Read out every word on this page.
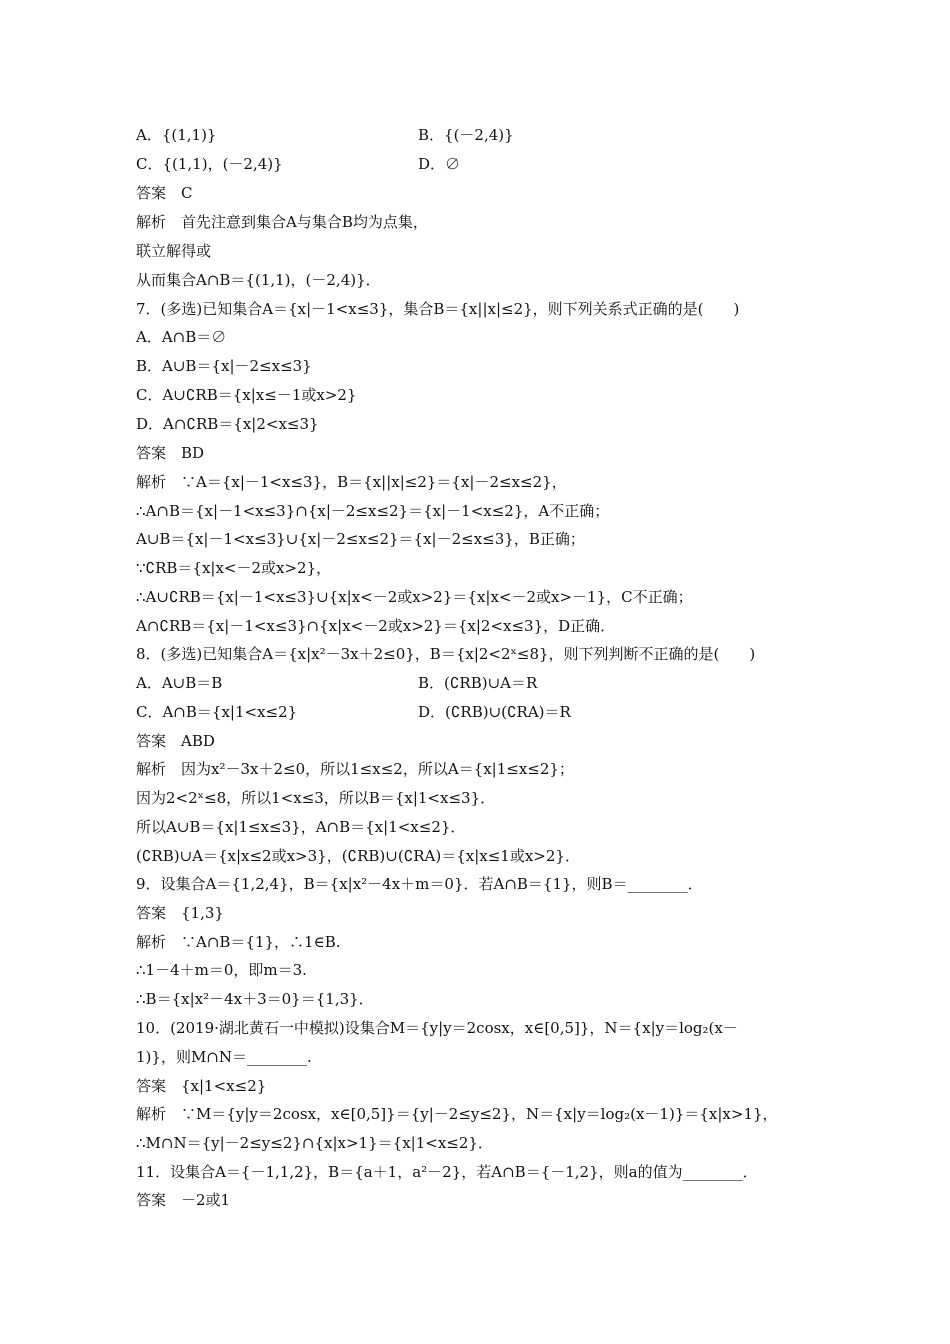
A．{(1,1)}	B．{(－2,4)}
C．{(1,1)，(－2,4)}	D．∅
答案　C
解析　首先注意到集合A与集合B均为点集，
联立解得或
从而集合A∩B＝{(1,1)，(－2,4)}．
7．(多选)已知集合A＝{x|－1<x≤3}，集合B＝{x||x|≤2}，则下列关系式正确的是(　　)
A．A∩B＝∅
B．A∪B＝{x|－2≤x≤3}
C．A∪∁RB＝{x|x≤－1或x>2}
D．A∩∁RB＝{x|2<x≤3}
答案　BD
解析　∵A＝{x|－1<x≤3}，B＝{x||x|≤2}＝{x|－2≤x≤2}，
∴A∩B＝{x|－1<x≤3}∩{x|－2≤x≤2}＝{x|－1<x≤2}，A不正确；
A∪B＝{x|－1<x≤3}∪{x|－2≤x≤2}＝{x|－2≤x≤3}，B正确；
∵∁RB＝{x|x<－2或x>2}，
∴A∪∁RB＝{x|－1<x≤3}∪{x|x<－2或x>2}＝{x|x<－2或x>－1}，C不正确；
A∩∁RB＝{x|－1<x≤3}∩{x|x<－2或x>2}＝{x|2<x≤3}，D正确．
8．(多选)已知集合A＝{x|x²－3x＋2≤0}，B＝{x|2<2ˣ≤8}，则下列判断不正确的是(　　)
A．A∪B＝B	B．(∁RB)∪A＝R
C．A∩B＝{x|1<x≤2}	D．(∁RB)∪(∁RA)＝R
答案　ABD
解析　因为x²－3x＋2≤0，所以1≤x≤2，所以A＝{x|1≤x≤2}；
因为2<2ˣ≤8，所以1<x≤3，所以B＝{x|1<x≤3}．
所以A∪B＝{x|1≤x≤3}，A∩B＝{x|1<x≤2}．
(∁RB)∪A＝{x|x≤2或x>3}，(∁RB)∪(∁RA)＝{x|x≤1或x>2}．
9．设集合A＝{1,2,4}，B＝{x|x²－4x＋m＝0}．若A∩B＝{1}，则B＝________．
答案　{1,3}
解析　∵A∩B＝{1}，∴1∈B.
∴1－4＋m＝0，即m＝3.
∴B＝{x|x²－4x＋3＝0}＝{1,3}．
10．(2019·湖北黄石一中模拟)设集合M＝{y|y＝2cosx，x∈[0,5]}，N＝{x|y＝log₂(x－
1)}，则M∩N＝________.
答案　{x|1<x≤2}
解析　∵M＝{y|y＝2cosx，x∈[0,5]}＝{y|－2≤y≤2}，N＝{x|y＝log₂(x－1)}＝{x|x>1}，
∴M∩N＝{y|－2≤y≤2}∩{x|x>1}＝{x|1<x≤2}．
11．设集合A＝{－1,1,2}，B＝{a＋1，a²－2}，若A∩B＝{－1,2}，则a的值为________．
答案　－2或1
